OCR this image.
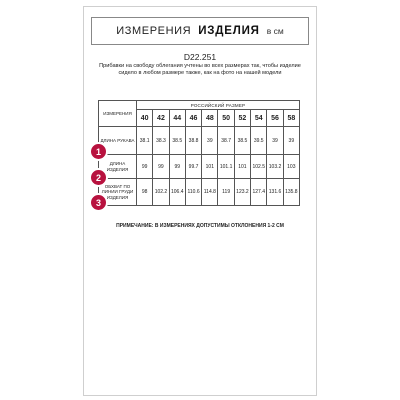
ИЗМЕРЕНИЯ ИЗДЕЛИЯ в см
D22.251
Прибавки на свободу облегания учтены во всех размерах так, чтобы изделие сидело в любом размере также, как на фото на нашей модели
ИЗМЕРЕНИЯ	РОССИЙСКИЙ РАЗМЕР									
	40	42	44	46	48	50	52	54	56	58
ДЛИНА РУКАВА	38.1	38.3	38.5	38.8	39	38.7	38.5	39.5	39	39
ДЛИНА ИЗДЕЛИЯ	99	99	99	99.7	101	101.1	101	102.5	103.2	103
ОБХВАТ ПО ЛИНИИ ГРУДИ ИЗДЕЛИЯ	98	102.2	106.4	110.6	114.8	119	123.2	127.4	131.6	135.8
1
2
3
ПРИМЕЧАНИЕ: В ИЗМЕРЕНИЯХ ДОПУСТИМЫ ОТКЛОНЕНИЯ 1-2 СМ
